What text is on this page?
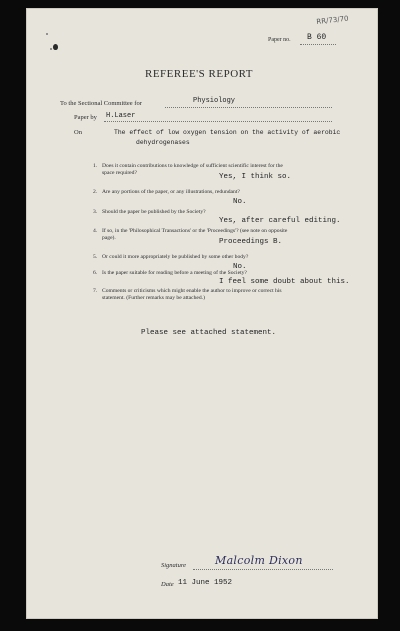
RR/73/70
Paper no. B 60
REFEREE'S REPORT
To the Sectional Committee for	Physiology
Paper by H.Laser
On	The effect of low oxygen tension on the activity of aerobic
dehydrogenases
1. Does it contain contributions to knowledge of sufficient scientific interest for the
space required?	Yes, I think so.
2. Are any portions of the paper, or any illustrations, redundant?
No.
3. Should the paper be published by the Society?
Yes, after careful editing.
4. If so, in the 'Philosophical Transactions' or the 'Proceedings'? (see note on opposite
page).	Proceedings B.
5. Or could it more appropriately be published by some other body?
No.
6. Is the paper suitable for reading before a meeting of the Society?
I feel some doubt about this.
7. Comments or criticisms which might enable the author to improve or correct his
statement. (Further remarks may be attached.)
Please see attached statement.
Signature	Malcolm Dixon
Date 11 June 1952
